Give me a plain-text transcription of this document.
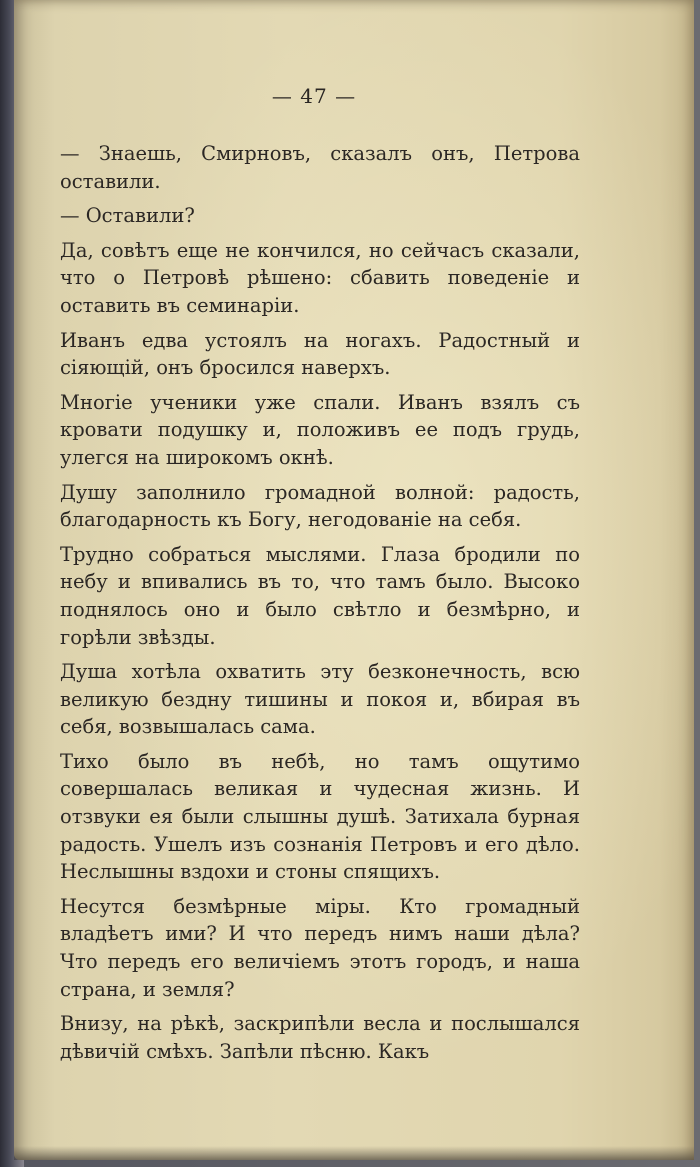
— 47 —

— Знаешь, Смирновъ, сказалъ онъ, Петрова оставили.

— Оставили?

Да, совѣтъ еще не кончился, но сейчасъ сказали, что о Петровѣ рѣшено: сбавить поведеніе и оставить въ семинаріи.

Иванъ едва устоялъ на ногахъ. Радостный и сіяющій, онъ бросился наверхъ.

Многіе ученики уже спали. Иванъ взялъ съ кровати подушку и, положивъ ее подъ грудь, улегся на широкомъ окнѣ.

Душу заполнило громадной волной: радость, благодарность къ Богу, негодованіе на себя.

Трудно собраться мыслями. Глаза бродили по небу и впивались въ то, что тамъ было. Высоко поднялось оно и было свѣтло и безмѣрно, и горѣли звѣзды.

Душа хотѣла охватить эту безконечность, всю великую бездну тишины и покоя и, вбирая въ себя, возвышалась сама.

Тихо было въ небѣ, но тамъ ощутимо совершалась великая и чудесная жизнь. И отзвуки ея были слышны душѣ. Затихала бурная радость. Ушелъ изъ сознанія Петровъ и его дѣло. Неслышны вздохи и стоны спящихъ.

Несутся безмѣрные міры. Кто громадный владѣетъ ими? И что передъ нимъ наши дѣла? Что передъ его величіемъ этотъ городъ, и наша страна, и земля?

Внизу, на рѣкѣ, заскрипѣли весла и послышался дѣвичій смѣхъ. Запѣли пѣсню. Какъ
